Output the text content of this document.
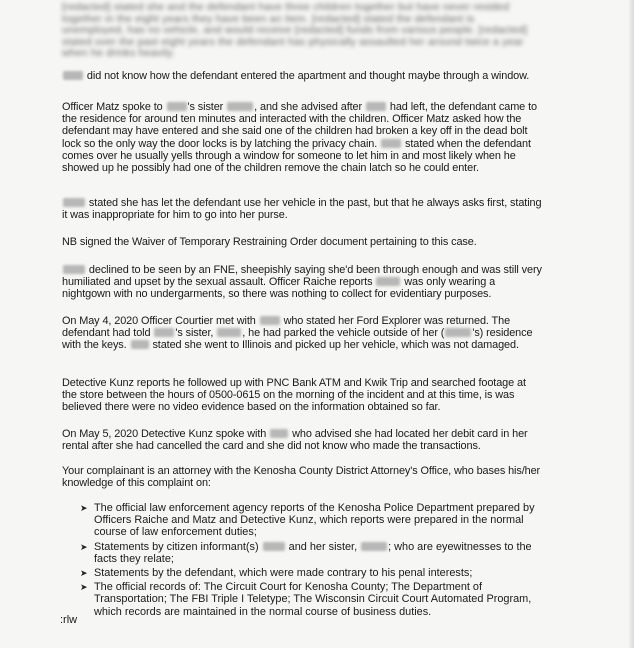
[redacted] stated she and the defendant have three children together but have never resided together in the eight years they have been an item. [redacted] stated the defendant is unemployed, has no vehicle, and would receive [redacted] funds from various people. [redacted] stated over the past eight years the defendant has physically assaulted her around twice a year when he drinks heavily.
did not know how the defendant entered the apartment and thought maybe through a window.
Officer Matz spoke to 's sister	, and she advised after  had left, the defendant came to the residence for around ten minutes and interacted with the children. Officer Matz asked how the defendant may have entered and she said one of the children had broken a key off in the dead bolt lock so the only way the door locks is by latching the privacy chain.  stated when the defendant comes over he usually yells through a window for someone to let him in and most likely when he showed up he possibly had one of the children remove the chain latch so he could enter.
stated she has let the defendant use her vehicle in the past, but that he always asks first, stating it was inappropriate for him to go into her purse.
NB signed the Waiver of Temporary Restraining Order document pertaining to this case.
declined to be seen by an FNE, sheepishly saying she'd been through enough and was still very humiliated and upset by the sexual assault. Officer Raiche reports  was only wearing a nightgown with no undergarments, so there was nothing to collect for evidentiary purposes.
On May 4, 2020 Officer Courtier met with  who stated her Ford Explorer was returned. The defendant had told 's sister, , he had parked the vehicle outside of her (	's) residence with the keys.  stated she went to Illinois and picked up her vehicle, which was not damaged.
Detective Kunz reports he followed up with PNC Bank ATM and Kwik Trip and searched footage at the store between the hours of 0500-0615 on the morning of the incident and at this time, is was believed there were no video evidence based on the information obtained so far.
On May 5, 2020 Detective Kunz spoke with  who advised she had located her debit card in her rental after she had cancelled the card and she did not know who made the transactions.
Your complainant is an attorney with the Kenosha County District Attorney's Office, who bases his/her knowledge of this complaint on:
➤ The official law enforcement agency reports of the Kenosha Police Department prepared by Officers Raiche and Matz and Detective Kunz, which reports were prepared in the normal course of law enforcement duties;
➤ Statements by citizen informant(s)  and her sister,	; who are eyewitnesses to the facts they relate;
➤ Statements by the defendant, which were made contrary to his penal interests;
➤ The official records of: The Circuit Court for Kenosha County; The Department of Transportation; The FBI Triple I Teletype; The Wisconsin Circuit Court Automated Program, which records are maintained in the normal course of business duties.
:rlw
